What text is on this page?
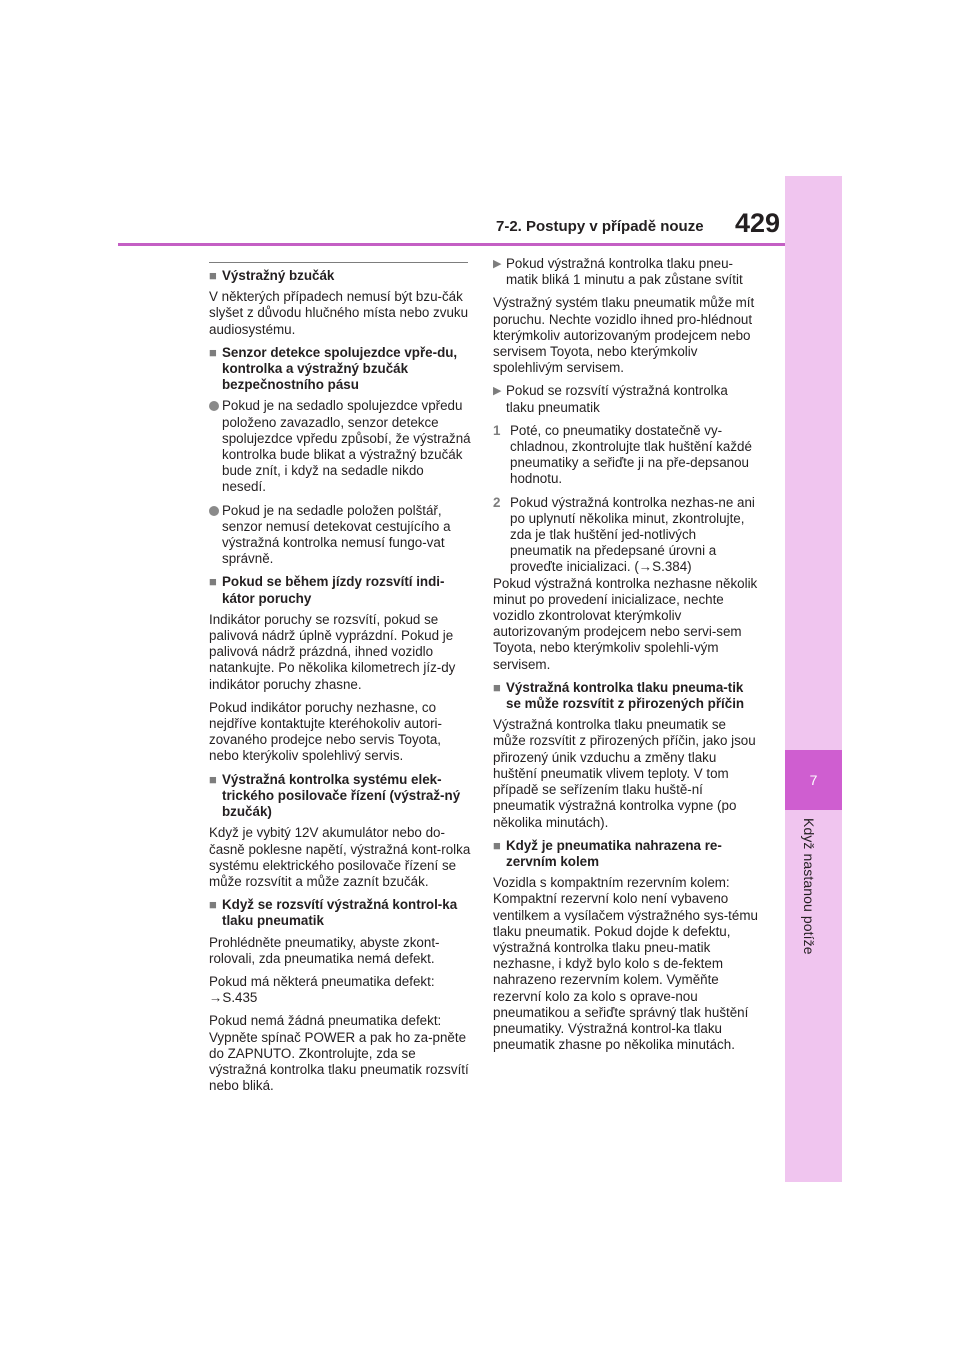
7
Když nastanou potíže
7-2. Postupy v případě nouze 429
■ Výstražný bzučák

V některých případech nemusí být bzu-čák slyšet z důvodu hlučného místa nebo zvuku audiosystému.

■ Senzor detekce spolujezdce vpře-du, kontrolka a výstražný bzučák bezpečnostního pásu
Pokud je na sedadlo spolujezdce vpředu položeno zavazadlo, senzor detekce spolujezdce vpředu způsobí, že výstražná kontrolka bude blikat a výstražný bzučák bude znít, i když na sedadle nikdo nesedí.
Pokud je na sedadle položen polštář, senzor nemusí detekovat cestujícího a výstražná kontrolka nemusí fungo-vat správně.
■ Pokud se během jízdy rozsvítí indi-kátor poruchy

Indikátor poruchy se rozsvítí, pokud se palivová nádrž úplně vyprázdní. Pokud je palivová nádrž prázdná, ihned vozidlo natankujte. Po několika kilometrech jíz-dy indikátor poruchy zhasne.

Pokud indikátor poruchy nezhasne, co nejdříve kontaktujte kteréhokoliv autori-zovaného prodejce nebo servis Toyota, nebo kterýkoliv spolehlivý servis.

■ Výstražná kontrolka systému elek-trického posilovače řízení (výstraž-ný bzučák)

Když je vybitý 12V akumulátor nebo do-časně poklesne napětí, výstražná kont-rolka systému elektrického posilovače řízení se může rozsvítit a může zaznít bzučák.

■ Když se rozsvítí výstražná kontrol-ka tlaku pneumatik

Prohlédněte pneumatiky, abyste zkont-rolovali, zda pneumatika nemá defekt.

Pokud má některá pneumatika defekt: →S.435

Pokud nemá žádná pneumatika defekt: Vypněte spínač POWER a pak ho za-pněte do ZAPNUTO. Zkontrolujte, zda se výstražná kontrolka tlaku pneumatik rozsvítí nebo bliká.

▶ Pokud výstražná kontrolka tlaku pneu-matik bliká 1 minutu a pak zůstane svítit

Výstražný systém tlaku pneumatik může mít poruchu. Nechte vozidlo ihned pro-hlédnout kterýmkoliv autorizovaným prodejcem nebo servisem Toyota, nebo kterýmkoliv spolehlivým servisem.

▶ Pokud se rozsvítí výstražná kontrolka tlaku pneumatik
1 Poté, co pneumatiky dostatečně vy-chladnou, zkontrolujte tlak huštění každé pneumatiky a seřiďte ji na pře-depsanou hodnotu.
2 Pokud výstražná kontrolka nezhas-ne ani po uplynutí několika minut, zkontrolujte, zda je tlak huštění jed-notlivých pneumatik na předepsané úrovni a proveďte inicializaci. (→S.384)

Pokud výstražná kontrolka nezhasne několik minut po provedení inicializace, nechte vozidlo zkontrolovat kterýmkoliv autorizovaným prodejcem nebo servi-sem Toyota, nebo kterýmkoliv spolehli-vým servisem.

■ Výstražná kontrolka tlaku pneuma-tik se může rozsvítit z přirozených příčin

Výstražná kontrolka tlaku pneumatik se může rozsvítit z přirozených příčin, jako jsou přirozený únik vzduchu a změny tlaku huštění pneumatik vlivem teploty. V tom případě se seřízením tlaku huště-ní pneumatik výstražná kontrolka vypne (po několika minutách).

■ Když je pneumatika nahrazena re-zervním kolem

Vozidla s kompaktním rezervním kolem: Kompaktní rezervní kolo není vybaveno ventilkem a vysílačem výstražného sys-tému tlaku pneumatik. Pokud dojde k defektu, výstražná kontrolka tlaku pneu-matik nezhasne, i když bylo kolo s de-fektem nahrazeno rezervním kolem. Vyměňte rezervní kolo za kolo s oprave-nou pneumatikou a seřiďte správný tlak huštění pneumatiky. Výstražná kontrol-ka tlaku pneumatik zhasne po několika minutách.
